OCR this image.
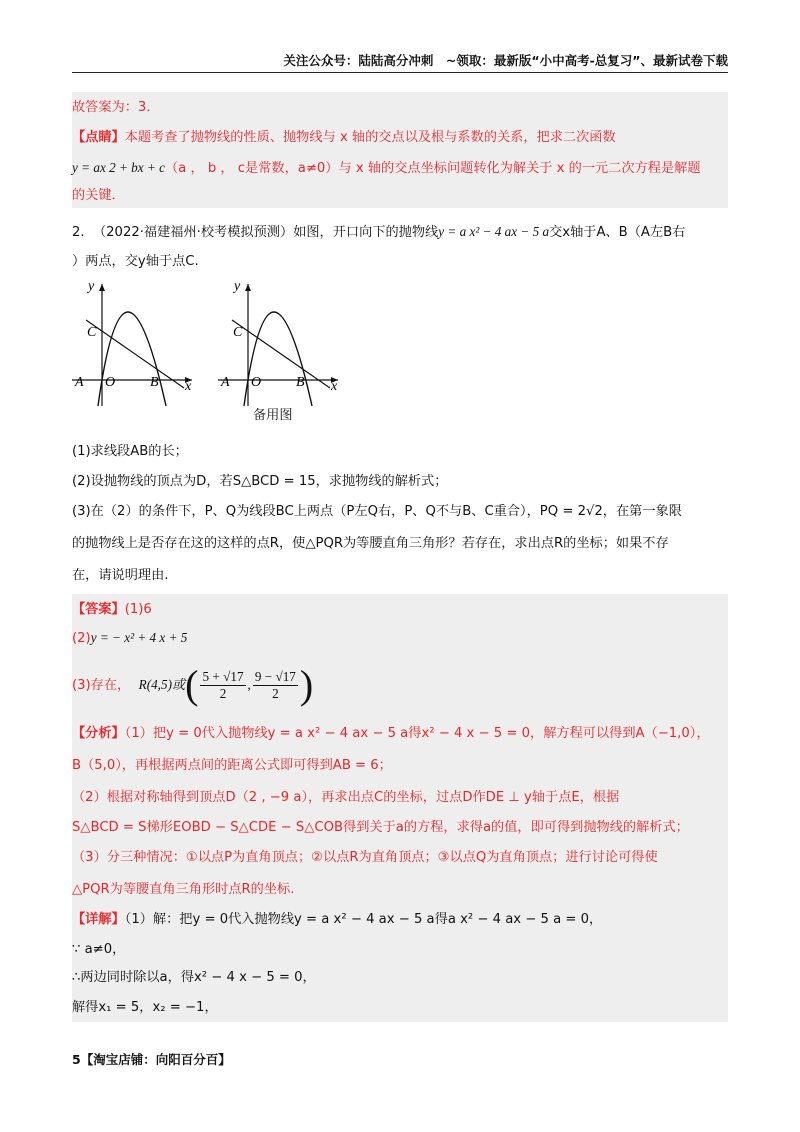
关注公众号：陆陆高分冲刺　~领取：最新版“小中高考-总复习”、最新试卷下载
故答案为：3．
【点睛】本题考查了抛物线的性质、抛物线与 x 轴的交点以及根与系数的关系，把求二次函数
y = ax 2 + bx + c（a ， b ， c是常数，a≠0）与 x 轴的交点坐标问题转化为解关于 x 的一元二次方程是解题
的关键．
2. （2022·福建福州·校考模拟预测）如图，开口向下的抛物线y = a x² − 4 ax − 5 a交x轴于A、B（A左B右
）两点，交y轴于点C.
y
x
C
A O B
y
x
C
A O B
备用图
(1)求线段AB的长；
(2)设抛物线的顶点为D，若S△BCD = 15，求抛物线的解析式；
(3)在（2）的条件下，P、Q为线段BC上两点（P左Q右，P、Q不与B、C重合），PQ = 2√2，在第一象限
的抛物线上是否存在这的这样的点R，使△PQR为等腰直角三角形？若存在，求出点R的坐标；如果不存
在，请说明理由.
【答案】(1)6
(2)y = − x² + 4 x + 5
(3)存在， R(4,5)或( $\frac{5 + √17}{2}$ , $\frac{9 - √17}{2}$ )
【分析】（1）把y = 0代入抛物线y = a x² − 4 ax − 5 a得x² − 4 x − 5 = 0，解方程可以得到A（−1,0），
B（5,0），再根据两点间的距离公式即可得到AB = 6；
（2）根据对称轴得到顶点D（2 , −9 a），再求出点C的坐标，过点D作DE ⊥ y轴于点E，根据
S△BCD = S梯形EOBD − S△CDE − S△COB得到关于a的方程，求得a的值，即可得到抛物线的解析式；
（3）分三种情况：①以点P为直角顶点；②以点R为直角顶点；③以点Q为直角顶点；进行讨论可得使
△PQR为等腰直角三角形时点R的坐标.
【详解】（1）解：把y = 0代入抛物线y = a x² − 4 ax − 5 a得a x² − 4 ax − 5 a = 0，
∵ a≠0，
∴两边同时除以a，得x² − 4 x − 5 = 0，
解得x₁ = 5，x₂ = −1，
5【淘宝店铺：向阳百分百】
